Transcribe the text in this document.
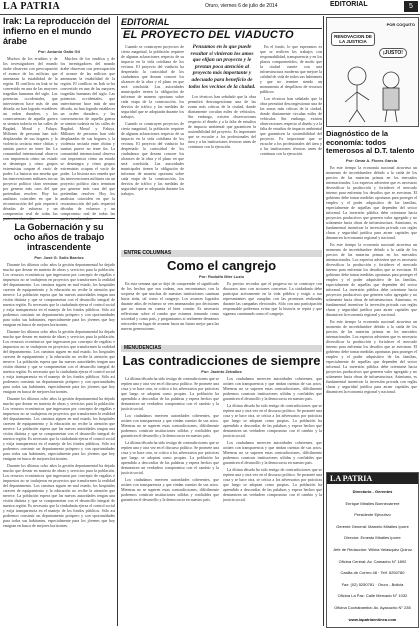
LA PATRIA	Oruro, viernes 6 de julio de 2014	EDITORIAL	5
Irak: La reproducción del infierno en el mundo árabe
Por: Antonio Gallo Gil

Muchos de los eruditos y de los investigadores del mundo árabe observan con preocupación el avance de las milicias que amenazan la estabilidad de la región. El conflicto en Irak se ha convertido en una de las mayores tragedias humanas del siglo. Las potencias occidentales, que intervinieron hace más de una década, no han logrado establecer un orden duradero, y las consecuencias de aquella guerra se sienten todavía en las calles de Bagdad, Mosul y Faluya. Millones de personas han sido desplazadas de sus hogares y la violencia sectaria entre chiitas y sunitas parece no tener fin. La comunidad internacional observa con impotencia cómo un estado se desintegra y cómo grupos extremistas ocupan el vacío de poder. La historia nos enseña que las intervenciones militares sin un proyecto político claro terminan por generar más caos del que pretendían resolver. Hoy los analistas coinciden en que la reconstrucción del país requerirá décadas de esfuerzo y un compromiso real de todas las

Muchos de los eruditos y de los investigadores del mundo árabe observan con preocupación el avance de las milicias que amenazan la estabilidad de la región. El conflicto en Irak se ha convertido en una de las mayores tragedias humanas del siglo. Las potencias occidentales, que intervinieron hace más de una década, no han logrado establecer un orden duradero, y las consecuencias de aquella guerra se sienten todavía en las calles de Bagdad, Mosul y Faluya. Millones de personas han sido desplazadas de sus hogares y la violencia sectaria entre chiitas y sunitas parece no tener fin. La comunidad internacional observa con impotencia cómo un estado se desintegra y cómo grupos extremistas ocupan el vacío de poder. La historia nos enseña que las intervenciones militares sin un proyecto político claro terminan por generar más caos del que pretendían resolver. Hoy los analistas coinciden en que la reconstrucción del país requerirá décadas de esfuerzo y un compromiso real de todas las

La Gobernación y su ocho años de trabajo intrascendente
Por: José G. Solís Barrios

Durante los últimos ocho años la gestión departamental ha dejado mucho que desear en materia de obras y servicios para la población. Los recursos económicos que ingresaron por concepto de regalías e impuestos no se tradujeron en proyectos que transformen la realidad del departamento. Los caminos siguen en mal estado, los hospitales carecen de equipamiento y la educación no recibe la atención que merece. La población espera que las nuevas autoridades tengan una visión distinta y que se comprometan con el desarrollo integral de nuestra región. Es necesario que la ciudadanía ejerza el control social y exija transparencia en el manejo de los fondos públicos. Sólo así podremos construir un departamento próspero y con oportunidades para todos sus habitantes, especialmente para los jóvenes que hoy emigran en busca de mejores horizontes.

Durante los últimos ocho años la gestión departamental ha dejado mucho que desear en materia de obras y servicios para la población. Los recursos económicos que ingresaron por concepto de regalías e impuestos no se tradujeron en proyectos que transformen la realidad del departamento. Los caminos siguen en mal estado, los hospitales carecen de equipamiento y la educación no recibe la atención que merece. La población espera que las nuevas autoridades tengan una visión distinta y que se comprometan con el desarrollo integral de nuestra región. Es necesario que la ciudadanía ejerza el control social y exija transparencia en el manejo de los fondos públicos. Sólo así podremos construir un departamento próspero y con oportunidades para todos sus habitantes, especialmente para los jóvenes que hoy emigran en busca de mejores horizontes.

Durante los últimos ocho años la gestión departamental ha dejado mucho que desear en materia de obras y servicios para la población. Los recursos económicos que ingresaron por concepto de regalías e impuestos no se tradujeron en proyectos que transformen la realidad del departamento. Los caminos siguen en mal estado, los hospitales carecen de equipamiento y la educación no recibe la atención que merece. La población espera que las nuevas autoridades tengan una visión distinta y que se comprometan con el desarrollo integral de nuestra región. Es necesario que la ciudadanía ejerza el control social y exija transparencia en el manejo de los fondos públicos. Sólo así podremos construir un departamento próspero y con oportunidades para todos sus habitantes, especialmente para los jóvenes que hoy emigran en busca de mejores horizontes.

Durante los últimos ocho años la gestión departamental ha dejado mucho que desear en materia de obras y servicios para la población. Los recursos económicos que ingresaron por concepto de regalías e impuestos no se tradujeron en proyectos que transformen la realidad del departamento. Los caminos siguen en mal estado, los hospitales carecen de equipamiento y la educación no recibe la atención que merece. La población espera que las nuevas autoridades tengan una visión distinta y que se comprometan con el desarrollo integral de nuestra región. Es necesario que la ciudadanía ejerza el control social y exija transparencia en el manejo de los fondos públicos. Sólo así podremos construir un departamento próspero y con oportunidades para todos sus habitantes, especialmente para los jóvenes que hoy emigran en busca de mejores horizontes.

EDITORIAL
EL PROYECTO DEL VIADUCTO

Cuando se construyen proyectos de cierta magnitud, la población requiere de algunas aclaraciones respecto de su impacto en la vida cotidiana de los vecinos. El proyecto del viaducto ha despertado la curiosidad de los ciudadanos que desean conocer los alcances de la obra y el plazo en que será concluida. Las autoridades municipales tienen la obligación de informar de manera oportuna sobre cada etapa de la construcción, los desvíos de tráfico y las medidas de seguridad que se adoptarán durante los trabajos.

Cuando se construyen proyectos de cierta magnitud, la población requiere de algunas aclaraciones respecto de su impacto en la vida cotidiana de los vecinos. El proyecto del viaducto ha despertado la curiosidad de los ciudadanos que desean conocer los alcances de la obra y el plazo en que será concluida. Las autoridades municipales tienen la obligación de informar de manera oportuna sobre cada etapa de la construcción, los desvíos de tráfico y las medidas de seguridad que se adoptarán durante los trabajos.

Pensamos en lo que puede resultar si vinieran los amos que elijan un proyecto y le prestan poca atención al proyecto más importante y adecuado para beneficio de todos los vecinos de la ciudad.

Los técnicos han señalado que la obra permitirá descongestionar una de las zonas más críticas de la ciudad, donde diariamente circulan miles de vehículos. Sin embargo, existen observaciones respecto al diseño y a la falta de estudios de impacto ambiental que garanticen la sostenibilidad del proyecto. Es importante que se escuche a los profesionales del área y a las instituciones técnicas antes de continuar con la ejecución.

En el fondo, lo que esperamos es que se realicen los trabajos con responsabilidad, transparencia y en los plazos comprometidos, de modo que la ciudad cuente con una infraestructura moderna que mejore la calidad de vida de todos sus habitantes y que no termine siendo un monumento al despilfarro de recursos públicos.

Los técnicos han señalado que la obra permitirá descongestionar una de las zonas más críticas de la ciudad, donde diariamente circulan miles de vehículos. Sin embargo, existen observaciones respecto al diseño y a la falta de estudios de impacto ambiental que garanticen la sostenibilidad del proyecto. Es importante que se escuche a los profesionales del área y a las instituciones técnicas antes de continuar con la ejecución.

RENOVACION DE LA JUSTICIA
¡JUSTO!
POR COQUITO
Diagnóstico de la economía: todos temerosos al D.T. talento
Por: Omar A. Flores Garcia

En este tiempo la economía nacional atraviesa un momento de incertidumbre debido a la caída de los precios de las materias primas en los mercados internacionales. Los expertos advierten que es necesario diversificar la producción y fortalecer el mercado interno para enfrentar los desafíos que se avecinan. El gobierno debe tomar medidas oportunas para proteger el empleo y el poder adquisitivo de las familias, especialmente de aquellas que dependen del sector informal. La inversión pública debe orientarse hacia proyectos productivos que generen valor agregado y no solamente hacia obras de infraestructura. Asimismo, es fundamental incentivar la inversión privada con reglas claras y seguridad jurídica para atraer capitales que dinamicen la economía regional y nacional.

En este tiempo la economía nacional atraviesa un momento de incertidumbre debido a la caída de los precios de las materias primas en los mercados internacionales. Los expertos advierten que es necesario diversificar la producción y fortalecer el mercado interno para enfrentar los desafíos que se avecinan. El gobierno debe tomar medidas oportunas para proteger el empleo y el poder adquisitivo de las familias, especialmente de aquellas que dependen del sector informal. La inversión pública debe orientarse hacia proyectos productivos que generen valor agregado y no solamente hacia obras de infraestructura. Asimismo, es fundamental incentivar la inversión privada con reglas claras y seguridad jurídica para atraer capitales que dinamicen la economía regional y nacional.

En este tiempo la economía nacional atraviesa un momento de incertidumbre debido a la caída de los precios de las materias primas en los mercados internacionales. Los expertos advierten que es necesario diversificar la producción y fortalecer el mercado interno para enfrentar los desafíos que se avecinan. El gobierno debe tomar medidas oportunas para proteger el empleo y el poder adquisitivo de las familias, especialmente de aquellas que dependen del sector informal. La inversión pública debe orientarse hacia proyectos productivos que generen valor agregado y no solamente hacia obras de infraestructura. Asimismo, es fundamental incentivar la inversión privada con reglas claras y seguridad jurídica para atraer capitales que dinamicen la economía regional y nacional.

LA PATRIA
Directorio - Gerentes
Enrique Miralles Bonnecarrere
Presidente Ejecutivo
Gerente General: Marcelo Miralles Iporre
Director: Ernesto Miralles Iporre
Jefe de Redacción: Wilma Velasquez Quiroz
Oficina Central: Av. Camacho N° 1892
Casilla de Correo 48 · Telf. 5250780
Fax: (02) 5250781 · Oruro - Bolivia
Oficina La Paz: Calle Mercado N° 1032
Oficina Cochabamba: Av. Ayacucho N° 235
www.lapatriaenlinea.com
ENTRE COLUMNAS
Como el cangrejo
Por: Rodolfo Mier Luzio

En esta semana que se dejó de comprender el significado de los hechos que nos rodean, nos encontramos con la sorpresa de que muchas de nuestras instituciones caminan hacia atrás, tal como el cangrejo. Los avances logrados durante años de esfuerzo se ven amenazados por decisiones que no toman en cuenta el bien común. Es necesario reflexionar sobre el rumbo que estamos tomando como sociedad y como país, y preguntarnos si realmente deseamos retroceder en lugar de avanzar hacia un futuro mejor para las nuevas generaciones.

Es preciso recordar que el progreso no se construye con discursos sino con acciones concretas. La ciudadanía debe participar activamente en la vida pública y exigir a sus representantes que cumplan con las promesas realizadas durante las campañas electorales. Sólo con una participación responsable podremos evitar que la historia se repita y que sigamos caminando como el cangrejo.

MENUDENCIAS
Las contradicciones de siempre
Por: Jacinto Zeballos

La última década ha sido testigo de contradicciones que se repiten una y otra vez en el discurso político. Se promete una cosa y se hace otra, se critica a los adversarios por prácticas que luego se adoptan como propias. La población ha aprendido a desconfiar de las palabras y espera hechos que demuestren un verdadero compromiso con el cambio y la justicia social.

Los ciudadanos merecen autoridades coherentes, que actúen con transparencia y que rindan cuentas de sus actos. Mientras no se superen estas contradicciones, difícilmente podremos construir instituciones sólidas y confiables que garanticen el desarrollo y la democracia en nuestro país.

La última década ha sido testigo de contradicciones que se repiten una y otra vez en el discurso político. Se promete una cosa y se hace otra, se critica a los adversarios por prácticas que luego se adoptan como propias. La población ha aprendido a desconfiar de las palabras y espera hechos que demuestren un verdadero compromiso con el cambio y la justicia social.

Los ciudadanos merecen autoridades coherentes, que actúen con transparencia y que rindan cuentas de sus actos. Mientras no se superen estas contradicciones, difícilmente podremos construir instituciones sólidas y confiables que garanticen el desarrollo y la democracia en nuestro país.

Los ciudadanos merecen autoridades coherentes, que actúen con transparencia y que rindan cuentas de sus actos. Mientras no se superen estas contradicciones, difícilmente podremos construir instituciones sólidas y confiables que garanticen el desarrollo y la democracia en nuestro país.

La última década ha sido testigo de contradicciones que se repiten una y otra vez en el discurso político. Se promete una cosa y se hace otra, se critica a los adversarios por prácticas que luego se adoptan como propias. La población ha aprendido a desconfiar de las palabras y espera hechos que demuestren un verdadero compromiso con el cambio y la justicia social.

Los ciudadanos merecen autoridades coherentes, que actúen con transparencia y que rindan cuentas de sus actos. Mientras no se superen estas contradicciones, difícilmente podremos construir instituciones sólidas y confiables que garanticen el desarrollo y la democracia en nuestro país.

La última década ha sido testigo de contradicciones que se repiten una y otra vez en el discurso político. Se promete una cosa y se hace otra, se critica a los adversarios por prácticas que luego se adoptan como propias. La población ha aprendido a desconfiar de las palabras y espera hechos que demuestren un verdadero compromiso con el cambio y la justicia social.
